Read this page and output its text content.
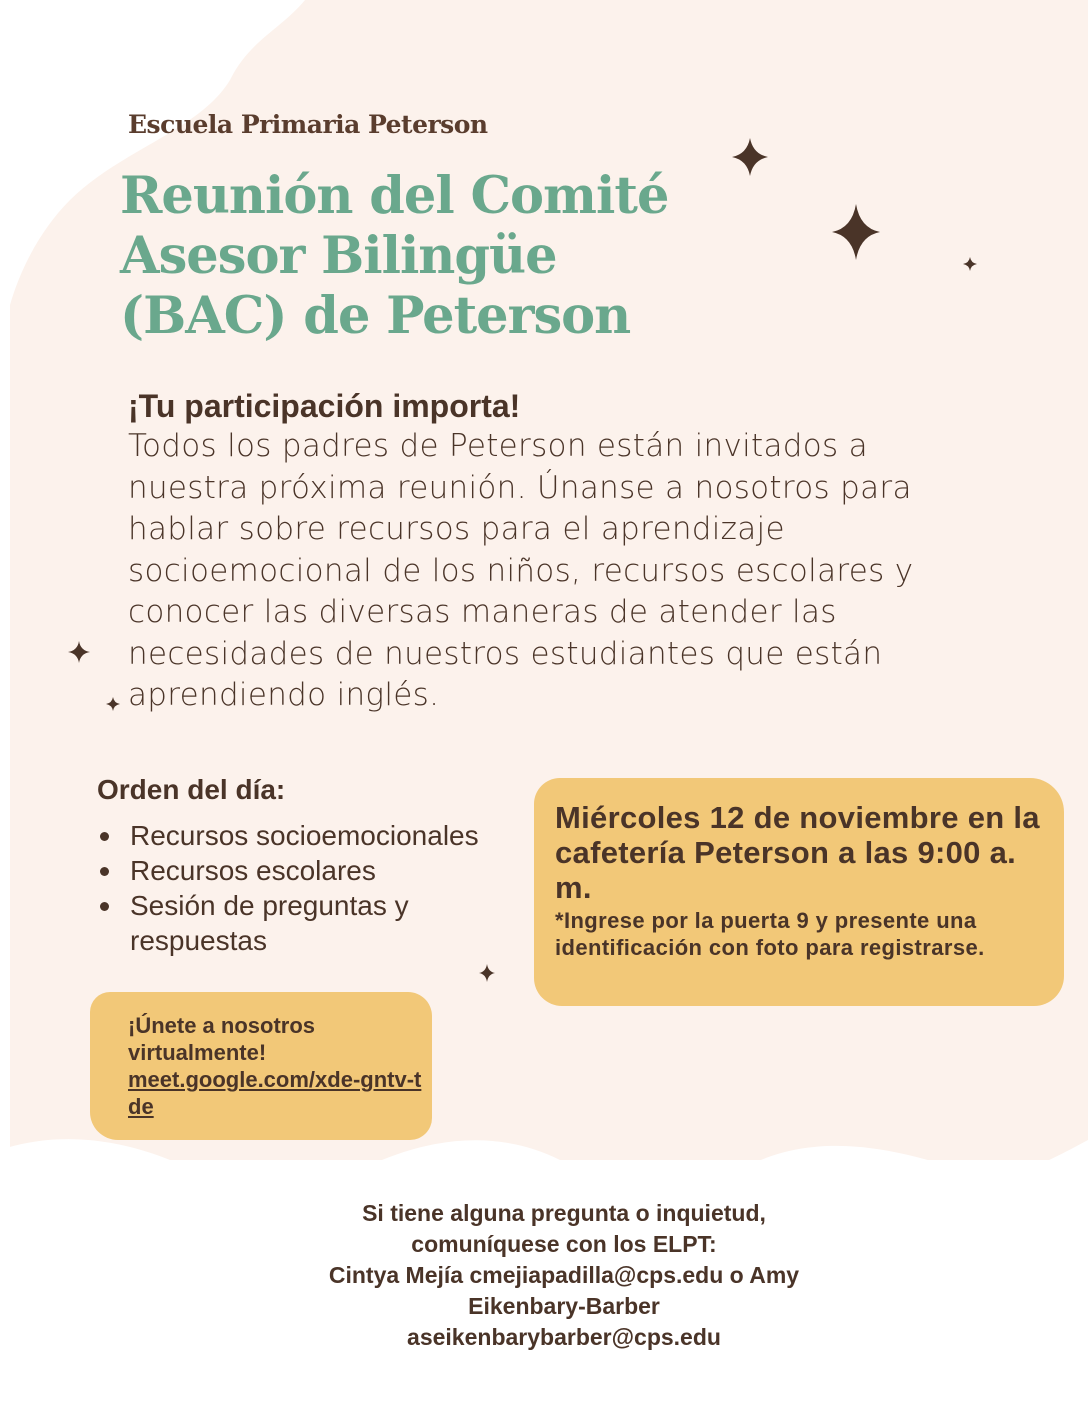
Escuela Primaria Peterson
Reunión del Comité
Asesor Bilingüe
(BAC) de Peterson
¡Tu participación importa!
Todos los padres de Peterson están invitados a nuestra próxima reunión. Únanse a nosotros para hablar sobre recursos para el aprendizaje socioemocional de los niños, recursos escolares y conocer las diversas maneras de atender las necesidades de nuestros estudiantes que están aprendiendo inglés.
Orden del día:
Recursos socioemocionales
Recursos escolares
Sesión de preguntas y respuestas
Miércoles 12 de noviembre en la cafetería Peterson a las 9:00 a. m.
*Ingrese por la puerta 9 y presente una identificación con foto para registrarse.
¡Únete a nosotros virtualmente!
meet.google.com/xde-gntv-tde
Si tiene alguna pregunta o inquietud,
comuníquese con los ELPT:
Cintya Mejía cmejiapadilla@cps.edu o Amy
Eikenbary-Barber
aseikenbarybarber@cps.edu
